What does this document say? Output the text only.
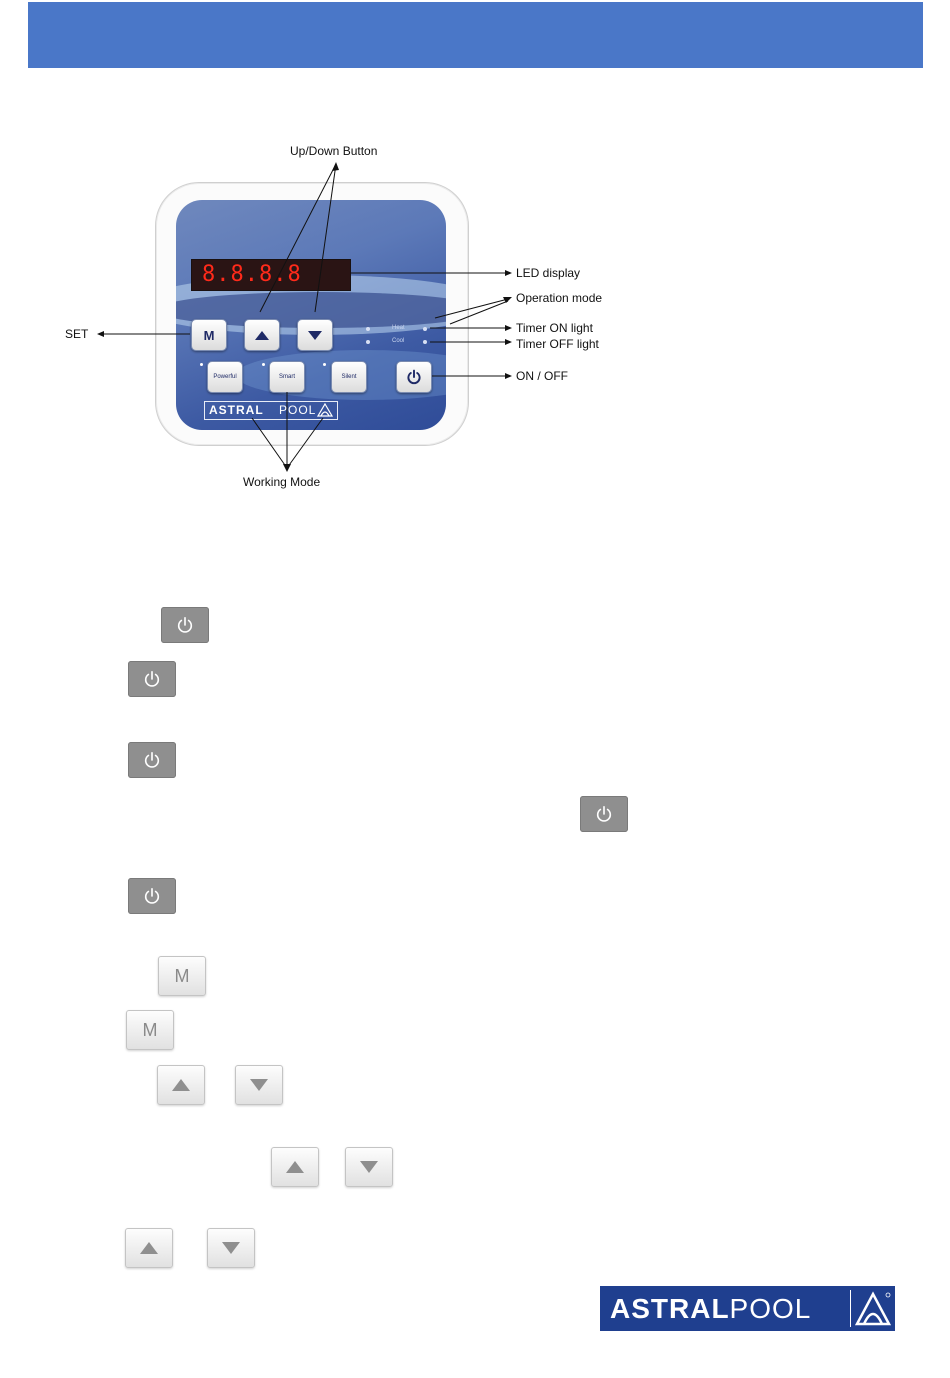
8.8.8.8
M	Heat
Cool
Powerful	Smart	Silent
ASTRAL POOL
Up/Down Button
LED display
Operation mode
Timer ON light
Timer OFF light
ON / OFF
SET
Working Mode
M
M
ASTRALPOOL
